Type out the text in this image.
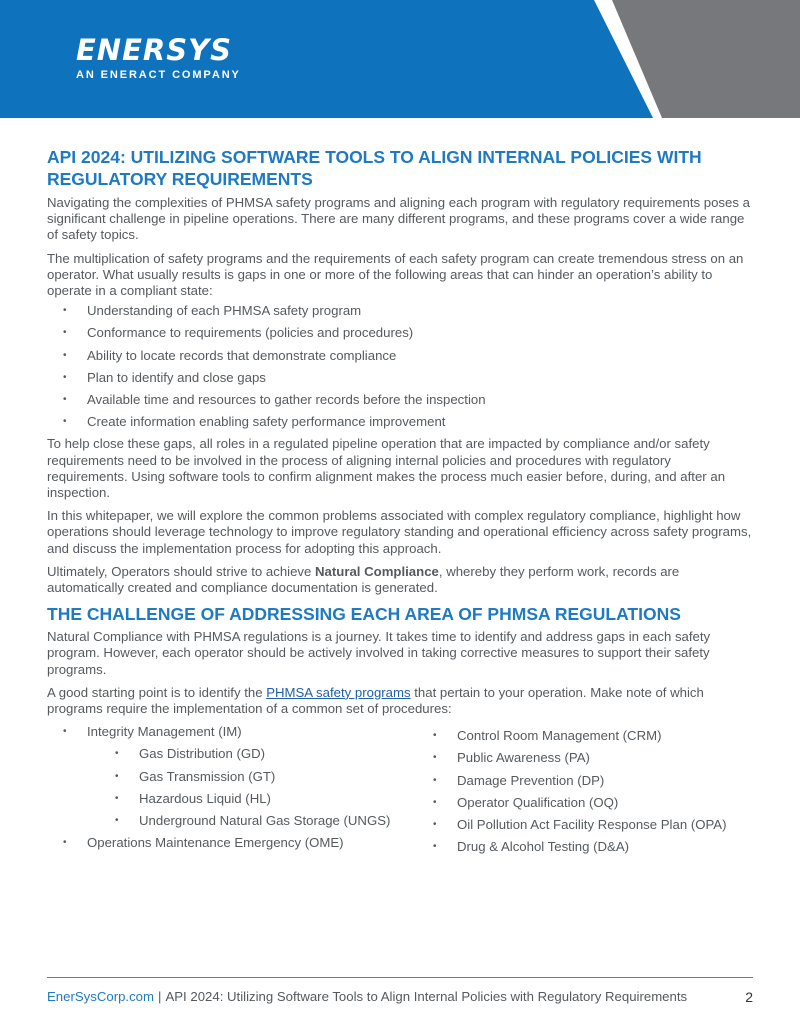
ENERSYS
AN ENERACT COMPANY
API 2024: UTILIZING SOFTWARE TOOLS TO ALIGN INTERNAL POLICIES WITH REGULATORY REQUIREMENTS

Navigating the complexities of PHMSA safety programs and aligning each program with regulatory requirements poses a significant challenge in pipeline operations. There are many different programs, and these programs cover a wide range of safety topics.

The multiplication of safety programs and the requirements of each safety program can create tremendous stress on an operator. What usually results is gaps in one or more of the following areas that can hinder an operation’s ability to operate in a compliant state:

• Understanding of each PHMSA safety program
• Conformance to requirements (policies and procedures)
• Ability to locate records that demonstrate compliance
• Plan to identify and close gaps
• Available time and resources to gather records before the inspection
• Create information enabling safety performance improvement

To help close these gaps, all roles in a regulated pipeline operation that are impacted by compliance and/or safety requirements need to be involved in the process of aligning internal policies and procedures with regulatory requirements. Using software tools to confirm alignment makes the process much easier before, during, and after an inspection.

In this whitepaper, we will explore the common problems associated with complex regulatory compliance, highlight how operations should leverage technology to improve regulatory standing and operational efficiency across safety programs, and discuss the implementation process for adopting this approach.

Ultimately, Operators should strive to achieve Natural Compliance, whereby they perform work, records are automatically created and compliance documentation is generated.

THE CHALLENGE OF ADDRESSING EACH AREA OF PHMSA REGULATIONS

Natural Compliance with PHMSA regulations is a journey. It takes time to identify and address gaps in each safety program. However, each operator should be actively involved in taking corrective measures to support their safety programs.

A good starting point is to identify the PHMSA safety programs that pertain to your operation. Make note of which programs require the implementation of a common set of procedures:

• Integrity Management (IM)
• Gas Distribution (GD)
• Gas Transmission (GT)
• Hazardous Liquid (HL)
• Underground Natural Gas Storage (UNGS)
• Operations Maintenance Emergency (OME)
• Control Room Management (CRM)
• Public Awareness (PA)
• Damage Prevention (DP)
• Operator Qualification (OQ)
• Oil Pollution Act Facility Response Plan (OPA)
• Drug & Alcohol Testing (D&A)
EnerSysCorp.com | API 2024: Utilizing Software Tools to Align Internal Policies with Regulatory Requirements	2
